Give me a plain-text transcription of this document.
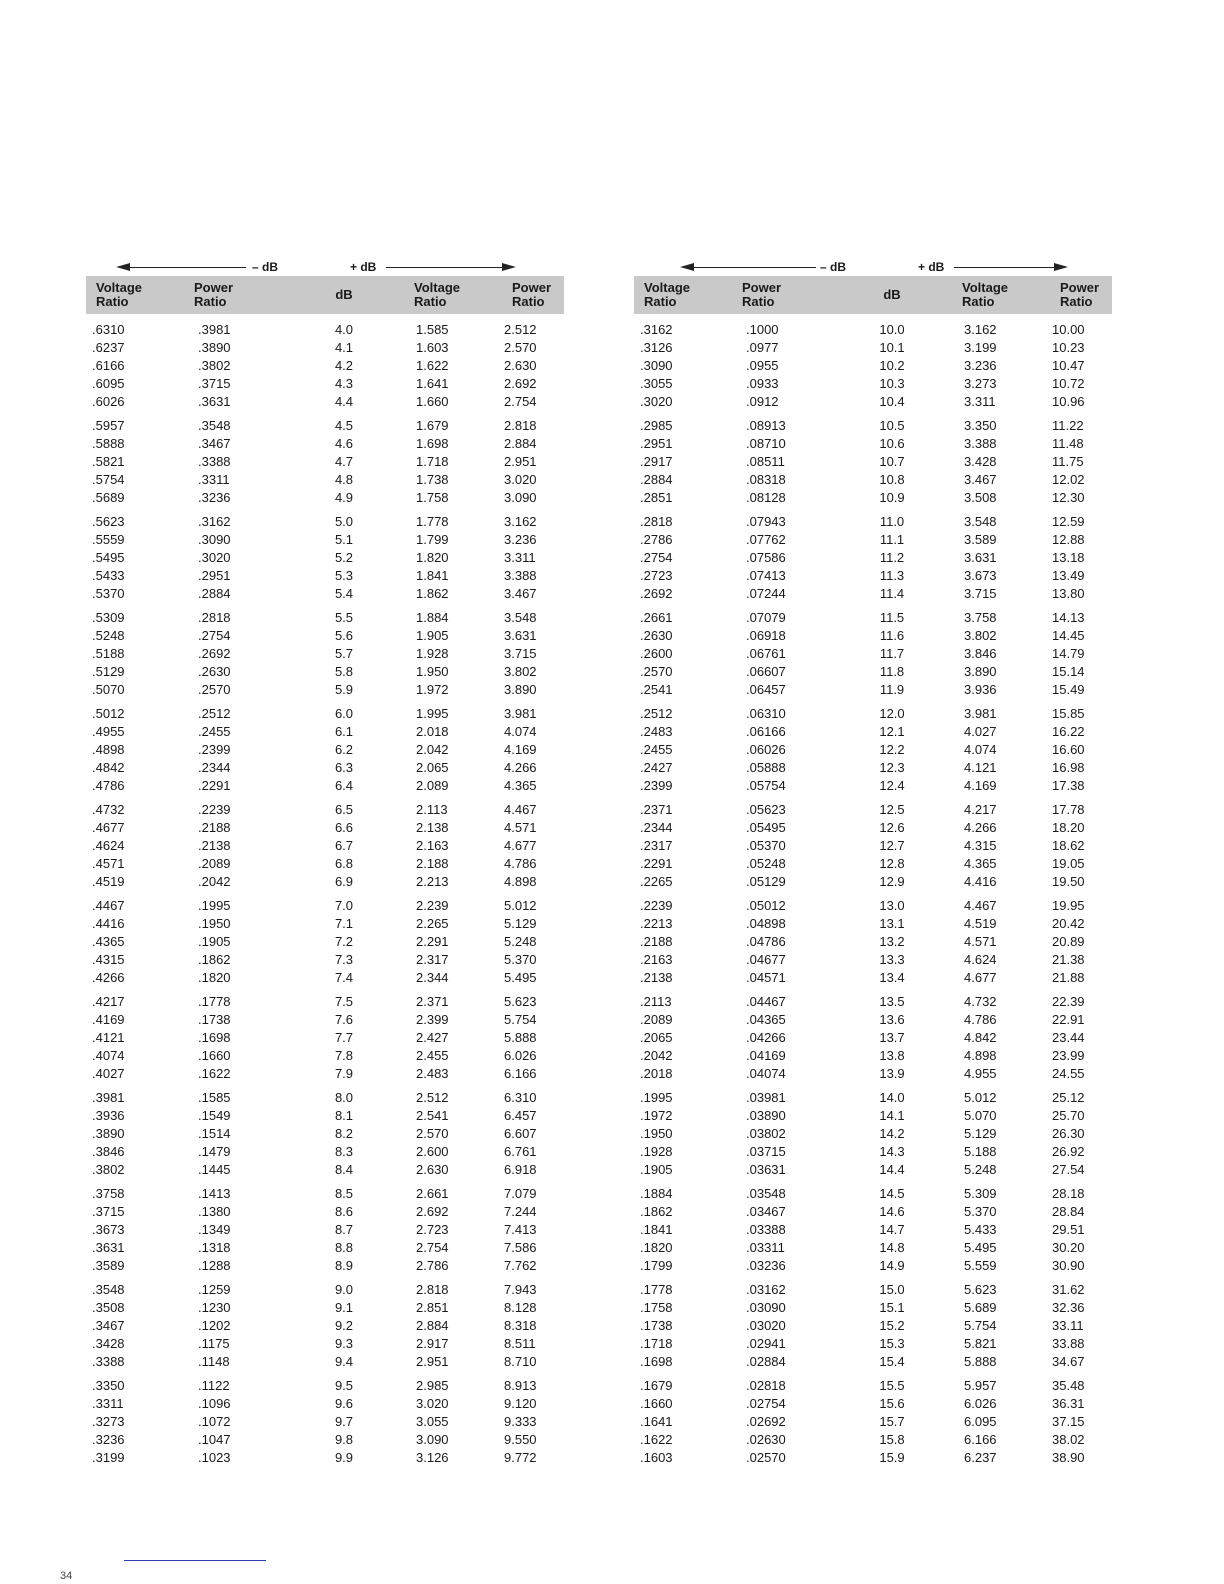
– dB	+ dB
Voltage
Ratio
Power
Ratio	dB	Voltage
Ratio
Power
Ratio
.6310	.3981	4.0	1.585	2.512
.6237	.3890	4.1	1.603	2.570
.6166	.3802	4.2	1.622	2.630
.6095	.3715	4.3	1.641	2.692
.6026	.3631	4.4	1.660	2.754
.5957	.3548	4.5	1.679	2.818
.5888	.3467	4.6	1.698	2.884
.5821	.3388	4.7	1.718	2.951
.5754	.3311	4.8	1.738	3.020
.5689	.3236	4.9	1.758	3.090
.5623	.3162	5.0	1.778	3.162
.5559	.3090	5.1	1.799	3.236
.5495	.3020	5.2	1.820	3.311
.5433	.2951	5.3	1.841	3.388
.5370	.2884	5.4	1.862	3.467
.5309	.2818	5.5	1.884	3.548
.5248	.2754	5.6	1.905	3.631
.5188	.2692	5.7	1.928	3.715
.5129	.2630	5.8	1.950	3.802
.5070	.2570	5.9	1.972	3.890
.5012	.2512	6.0	1.995	3.981
.4955	.2455	6.1	2.018	4.074
.4898	.2399	6.2	2.042	4.169
.4842	.2344	6.3	2.065	4.266
.4786	.2291	6.4	2.089	4.365
.4732	.2239	6.5	2.113	4.467
.4677	.2188	6.6	2.138	4.571
.4624	.2138	6.7	2.163	4.677
.4571	.2089	6.8	2.188	4.786
.4519	.2042	6.9	2.213	4.898
.4467	.1995	7.0	2.239	5.012
.4416	.1950	7.1	2.265	5.129
.4365	.1905	7.2	2.291	5.248
.4315	.1862	7.3	2.317	5.370
.4266	.1820	7.4	2.344	5.495
.4217	.1778	7.5	2.371	5.623
.4169	.1738	7.6	2.399	5.754
.4121	.1698	7.7	2.427	5.888
.4074	.1660	7.8	2.455	6.026
.4027	.1622	7.9	2.483	6.166
.3981	.1585	8.0	2.512	6.310
.3936	.1549	8.1	2.541	6.457
.3890	.1514	8.2	2.570	6.607
.3846	.1479	8.3	2.600	6.761
.3802	.1445	8.4	2.630	6.918
.3758	.1413	8.5	2.661	7.079
.3715	.1380	8.6	2.692	7.244
.3673	.1349	8.7	2.723	7.413
.3631	.1318	8.8	2.754	7.586
.3589	.1288	8.9	2.786	7.762
.3548	.1259	9.0	2.818	7.943
.3508	.1230	9.1	2.851	8.128
.3467	.1202	9.2	2.884	8.318
.3428	.1175	9.3	2.917	8.511
.3388	.1148	9.4	2.951	8.710
.3350	.1122	9.5	2.985	8.913
.3311	.1096	9.6	3.020	9.120
.3273	.1072	9.7	3.055	9.333
.3236	.1047	9.8	3.090	9.550
.3199	.1023	9.9	3.126	9.772
– dB	+ dB
Voltage
Ratio
Power
Ratio	dB	Voltage
Ratio
Power
Ratio
.3162	.1000	10.0	3.162	10.00
.3126	.0977	10.1	3.199	10.23
.3090	.0955	10.2	3.236	10.47
.3055	.0933	10.3	3.273	10.72
.3020	.0912	10.4	3.311	10.96
.2985	.08913	10.5	3.350	11.22
.2951	.08710	10.6	3.388	11.48
.2917	.08511	10.7	3.428	11.75
.2884	.08318	10.8	3.467	12.02
.2851	.08128	10.9	3.508	12.30
.2818	.07943	11.0	3.548	12.59
.2786	.07762	11.1	3.589	12.88
.2754	.07586	11.2	3.631	13.18
.2723	.07413	11.3	3.673	13.49
.2692	.07244	11.4	3.715	13.80
.2661	.07079	11.5	3.758	14.13
.2630	.06918	11.6	3.802	14.45
.2600	.06761	11.7	3.846	14.79
.2570	.06607	11.8	3.890	15.14
.2541	.06457	11.9	3.936	15.49
.2512	.06310	12.0	3.981	15.85
.2483	.06166	12.1	4.027	16.22
.2455	.06026	12.2	4.074	16.60
.2427	.05888	12.3	4.121	16.98
.2399	.05754	12.4	4.169	17.38
.2371	.05623	12.5	4.217	17.78
.2344	.05495	12.6	4.266	18.20
.2317	.05370	12.7	4.315	18.62
.2291	.05248	12.8	4.365	19.05
.2265	.05129	12.9	4.416	19.50
.2239	.05012	13.0	4.467	19.95
.2213	.04898	13.1	4.519	20.42
.2188	.04786	13.2	4.571	20.89
.2163	.04677	13.3	4.624	21.38
.2138	.04571	13.4	4.677	21.88
.2113	.04467	13.5	4.732	22.39
.2089	.04365	13.6	4.786	22.91
.2065	.04266	13.7	4.842	23.44
.2042	.04169	13.8	4.898	23.99
.2018	.04074	13.9	4.955	24.55
.1995	.03981	14.0	5.012	25.12
.1972	.03890	14.1	5.070	25.70
.1950	.03802	14.2	5.129	26.30
.1928	.03715	14.3	5.188	26.92
.1905	.03631	14.4	5.248	27.54
.1884	.03548	14.5	5.309	28.18
.1862	.03467	14.6	5.370	28.84
.1841	.03388	14.7	5.433	29.51
.1820	.03311	14.8	5.495	30.20
.1799	.03236	14.9	5.559	30.90
.1778	.03162	15.0	5.623	31.62
.1758	.03090	15.1	5.689	32.36
.1738	.03020	15.2	5.754	33.11
.1718	.02941	15.3	5.821	33.88
.1698	.02884	15.4	5.888	34.67
.1679	.02818	15.5	5.957	35.48
.1660	.02754	15.6	6.026	36.31
.1641	.02692	15.7	6.095	37.15
.1622	.02630	15.8	6.166	38.02
.1603	.02570	15.9	6.237	38.90
34
